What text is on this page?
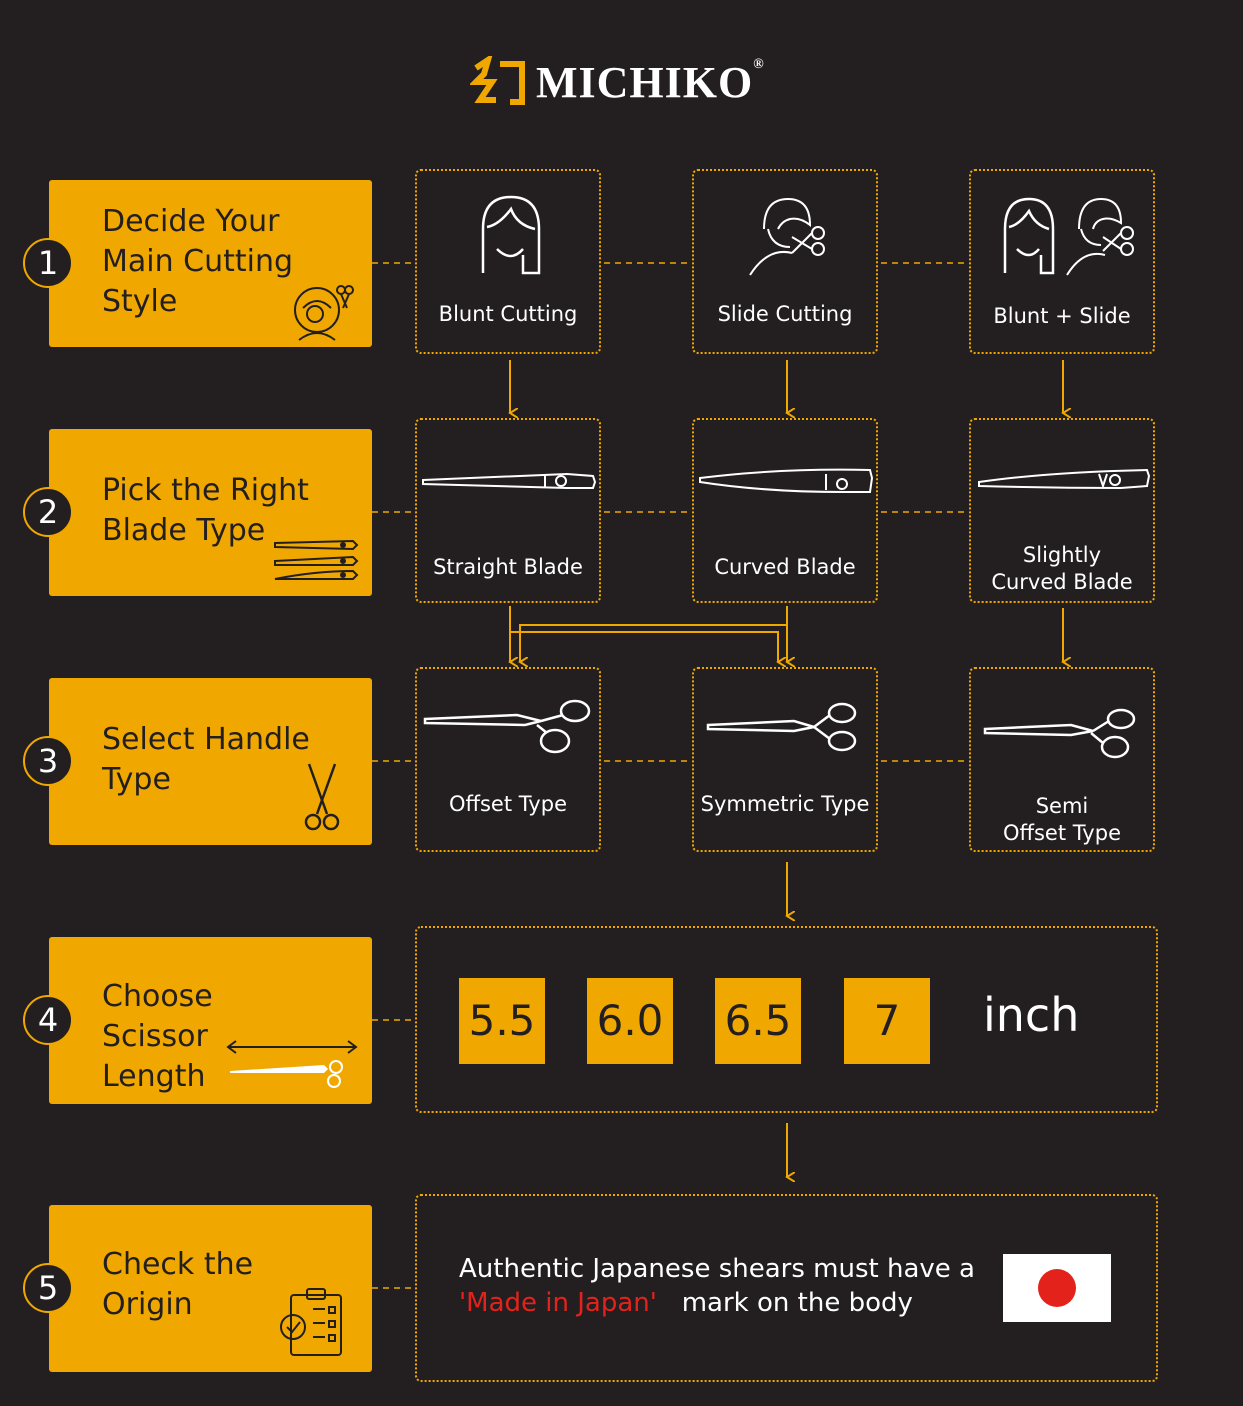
MICHIKO®
1
Decide Your
Main Cutting
Style
2
Pick the Right
Blade Type
3
Select Handle
Type
4
Choose Scissor
Length
5
Check the
Origin
Blunt Cutting	Slide Cutting	Blunt + Slide
Straight Blade	Curved Blade	Slightly
Curved Blade
Offset Type	Symmetric Type	Semi
Offset Type
5.5 6.0 6.5	7	inch
Authentic Japanese shears must have a
'Made in Japan' mark on the body
